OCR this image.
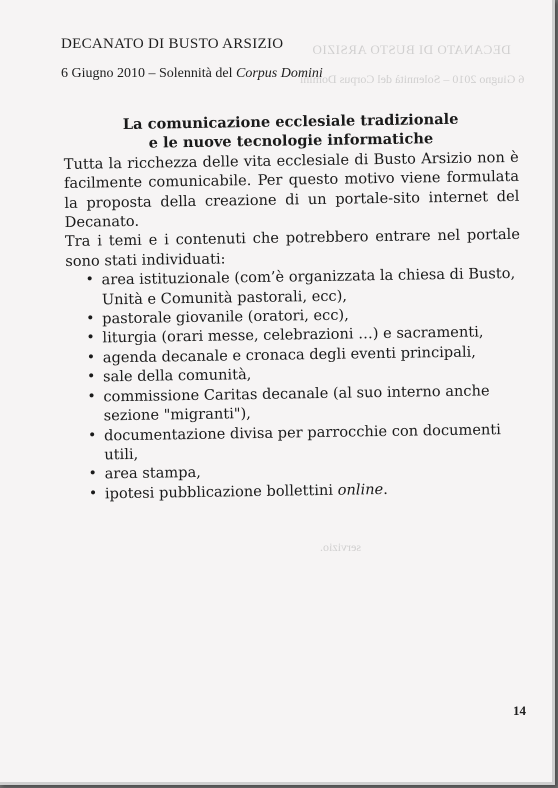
DECANATO DI BUSTO ARSIZIO
6 Giugno 2010 – Solennità del Corpus Domini
servizio.
DECANATO DI BUSTO ARSIZIO
6 Giugno 2010 – Solennità del Corpus Domini
La comunicazione ecclesiale tradizionale
e le nuove tecnologie informatiche

Tutta la ricchezza delle vita ecclesiale di Busto Arsizio non è facilmente comunicabile. Per questo motivo viene formulata la proposta della creazione di un portale-sito internet del Decanato.

Tra i temi e i contenuti che potrebbero entrare nel portale sono stati individuati:

• area istituzionale (com’è organizzata la chiesa di Busto, Unità e Comunità pastorali, ecc),
• pastorale giovanile (oratori, ecc),
• liturgia (orari messe, celebrazioni …) e sacramenti,
• agenda decanale e cronaca degli eventi principali,
• sale della comunità,
• commissione Caritas decanale (al suo interno anche sezione "migranti"),
• documentazione divisa per parrocchie con documenti utili,
• area stampa,
• ipotesi pubblicazione bollettini online.
14
